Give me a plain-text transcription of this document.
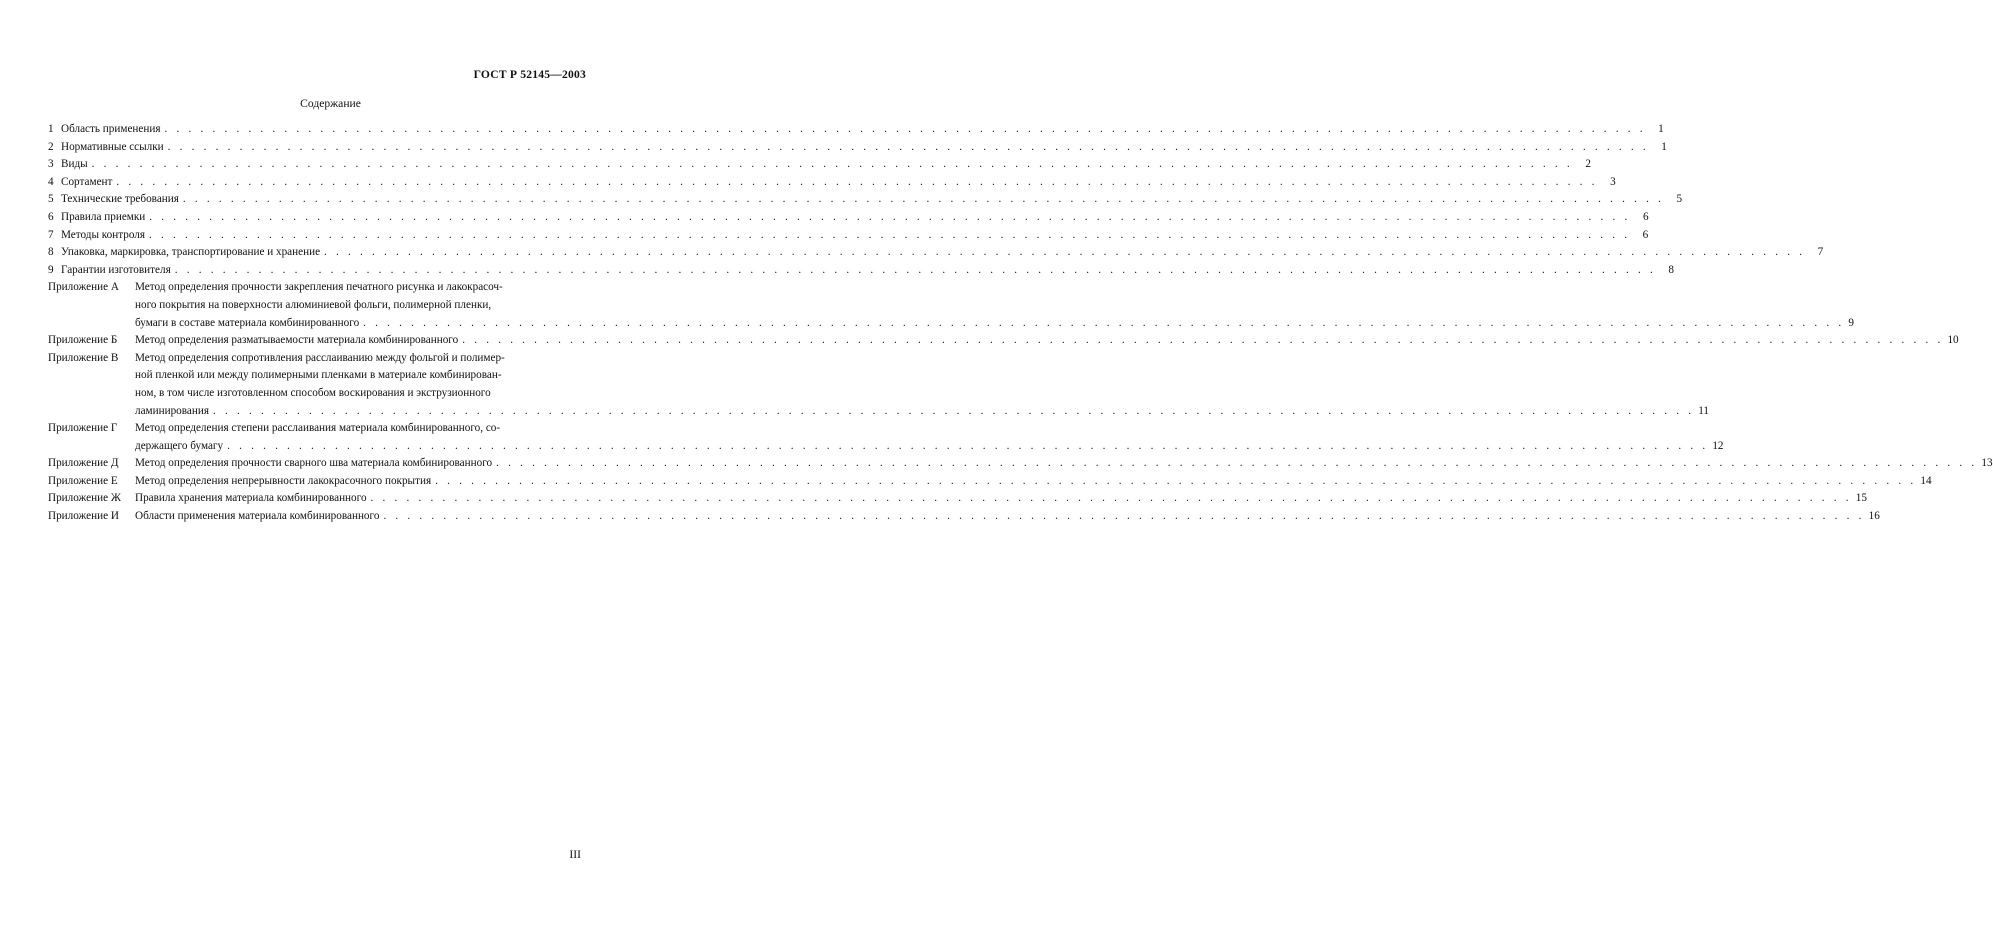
ГОСТ Р 52145—2003
Содержание
1 Область применения . . .	1
2 Нормативные ссылки . . .	1
3 Виды . . .	2
4 Сортамент . . .	3
5 Технические требования . . .	5
6 Правила приемки . . .	6
7 Методы контроля . . .	6
8 Упаковка, маркировка, транспортирование и хранение . . .	7
9 Гарантии изготовителя . . .	8
Приложение А	Метод определения прочности закрепления печатного рисунка и лакокрасоч-
ного покрытия на поверхности алюминиевой фольги, полимерной пленки,
бумаги в составе материала комбинированного . . .	9
Приложение Б	Метод определения разматываемости материала комбинированного . . .	10
Приложение В	Метод определения сопротивления расслаиванию между фольгой и полимер-
ной пленкой или между полимерными пленками в материале комбинирован-
ном, в том числе изготовленном способом воскирования и экструзионного
ламинирования . . .	11
Приложение Г	Метод определения степени расслаивания материала комбинированного, со-
держащего бумагу . . .	12
Приложение Д	Метод определения прочности сварного шва материала комбинированного . . .	13
Приложение Е	Метод определения непрерывности лакокрасочного покрытия . . .	14
Приложение Ж	Правила хранения материала комбинированного . . .	15
Приложение И	Области применения материала комбинированного . . .	16
III
